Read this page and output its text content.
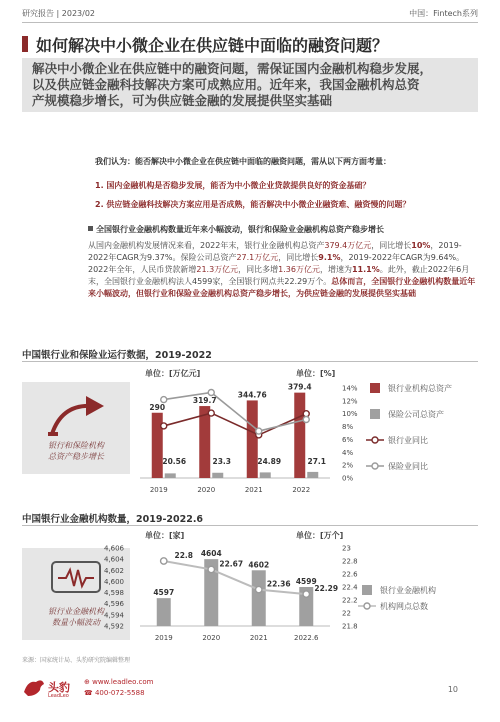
研究报告 | 2023/02	中国：Fintech系列
如何解决中小微企业在供应链中面临的融资问题？
解决中小微企业在供应链中的融资问题，需保证国内金融机构稳步发展，
以及供应链金融科技解决方案可成熟应用。近年来，我国金融机构总资
产规模稳步增长，可为供应链金融的发展提供坚实基础
我们认为：能否解决中小微企业在供应链中面临的融资问题，需从以下两方面考量：
1. 国内金融机构是否稳步发展，能否为中小微企业贷款提供良好的资金基础？
2. 供应链金融科技解决方案应用是否成熟，能否解决中小微企业融资难、融资慢的问题？
全国银行业金融机构数量近年来小幅波动，银行和保险业金融机构总资产稳步增长
从国内金融机构发展情况来看，2022年末，银行业金融机构总资产379.4万亿元，同比增长10%，2019-2022年CAGR为9.37%。保险公司总资产27.1万亿元，同比增长9.1%，2019-2022年CAGR为9.64%。2022年全年，人民币贷款新增21.3万亿元，同比多增1.36万亿元，增速为11.1%。此外，截止2022年6月末，全国银行业金融机构法人4599家，全国银行网点共22.29万个。总体而言，全国银行业金融机构数量近年来小幅波动，但银行业和保险业金融机构总资产稳步增长，为供应链金融的发展提供坚实基础
中国银行业和保险业运行数据，2019-2022
银行和保险机构
总资产稳步增长
单位：[万亿元]	单位：[%]
中国银行业金融机构数量，2019-2022.6
银行业金融机构
数量小幅波动
单位：[家]	单位：[万个]
0%
2%
4%
6%
8%
10%
12%
14%
2019	2020	2021	2022
290
319.7
344.76
379.4
20.56	23.3	24.89	27.1
银行业机构总资产
保险公司总资产
银行业同比
保险业同比
4,592
4,594
4,596
4,598
4,600
4,602
4,604
4,606
21.8
22
22.2
22.4
22.6
22.8
23
2019	2020	2021	2022.6
4597
4604
4602
4599
22.8
22.67
22.36
22.29	银行业金融机构
机构网点总数
来源：国家统计局、头豹研究院编辑整理
头豹
LeadLeo
⊕ www.leadleo.com
☎ 400-072-5588	10
